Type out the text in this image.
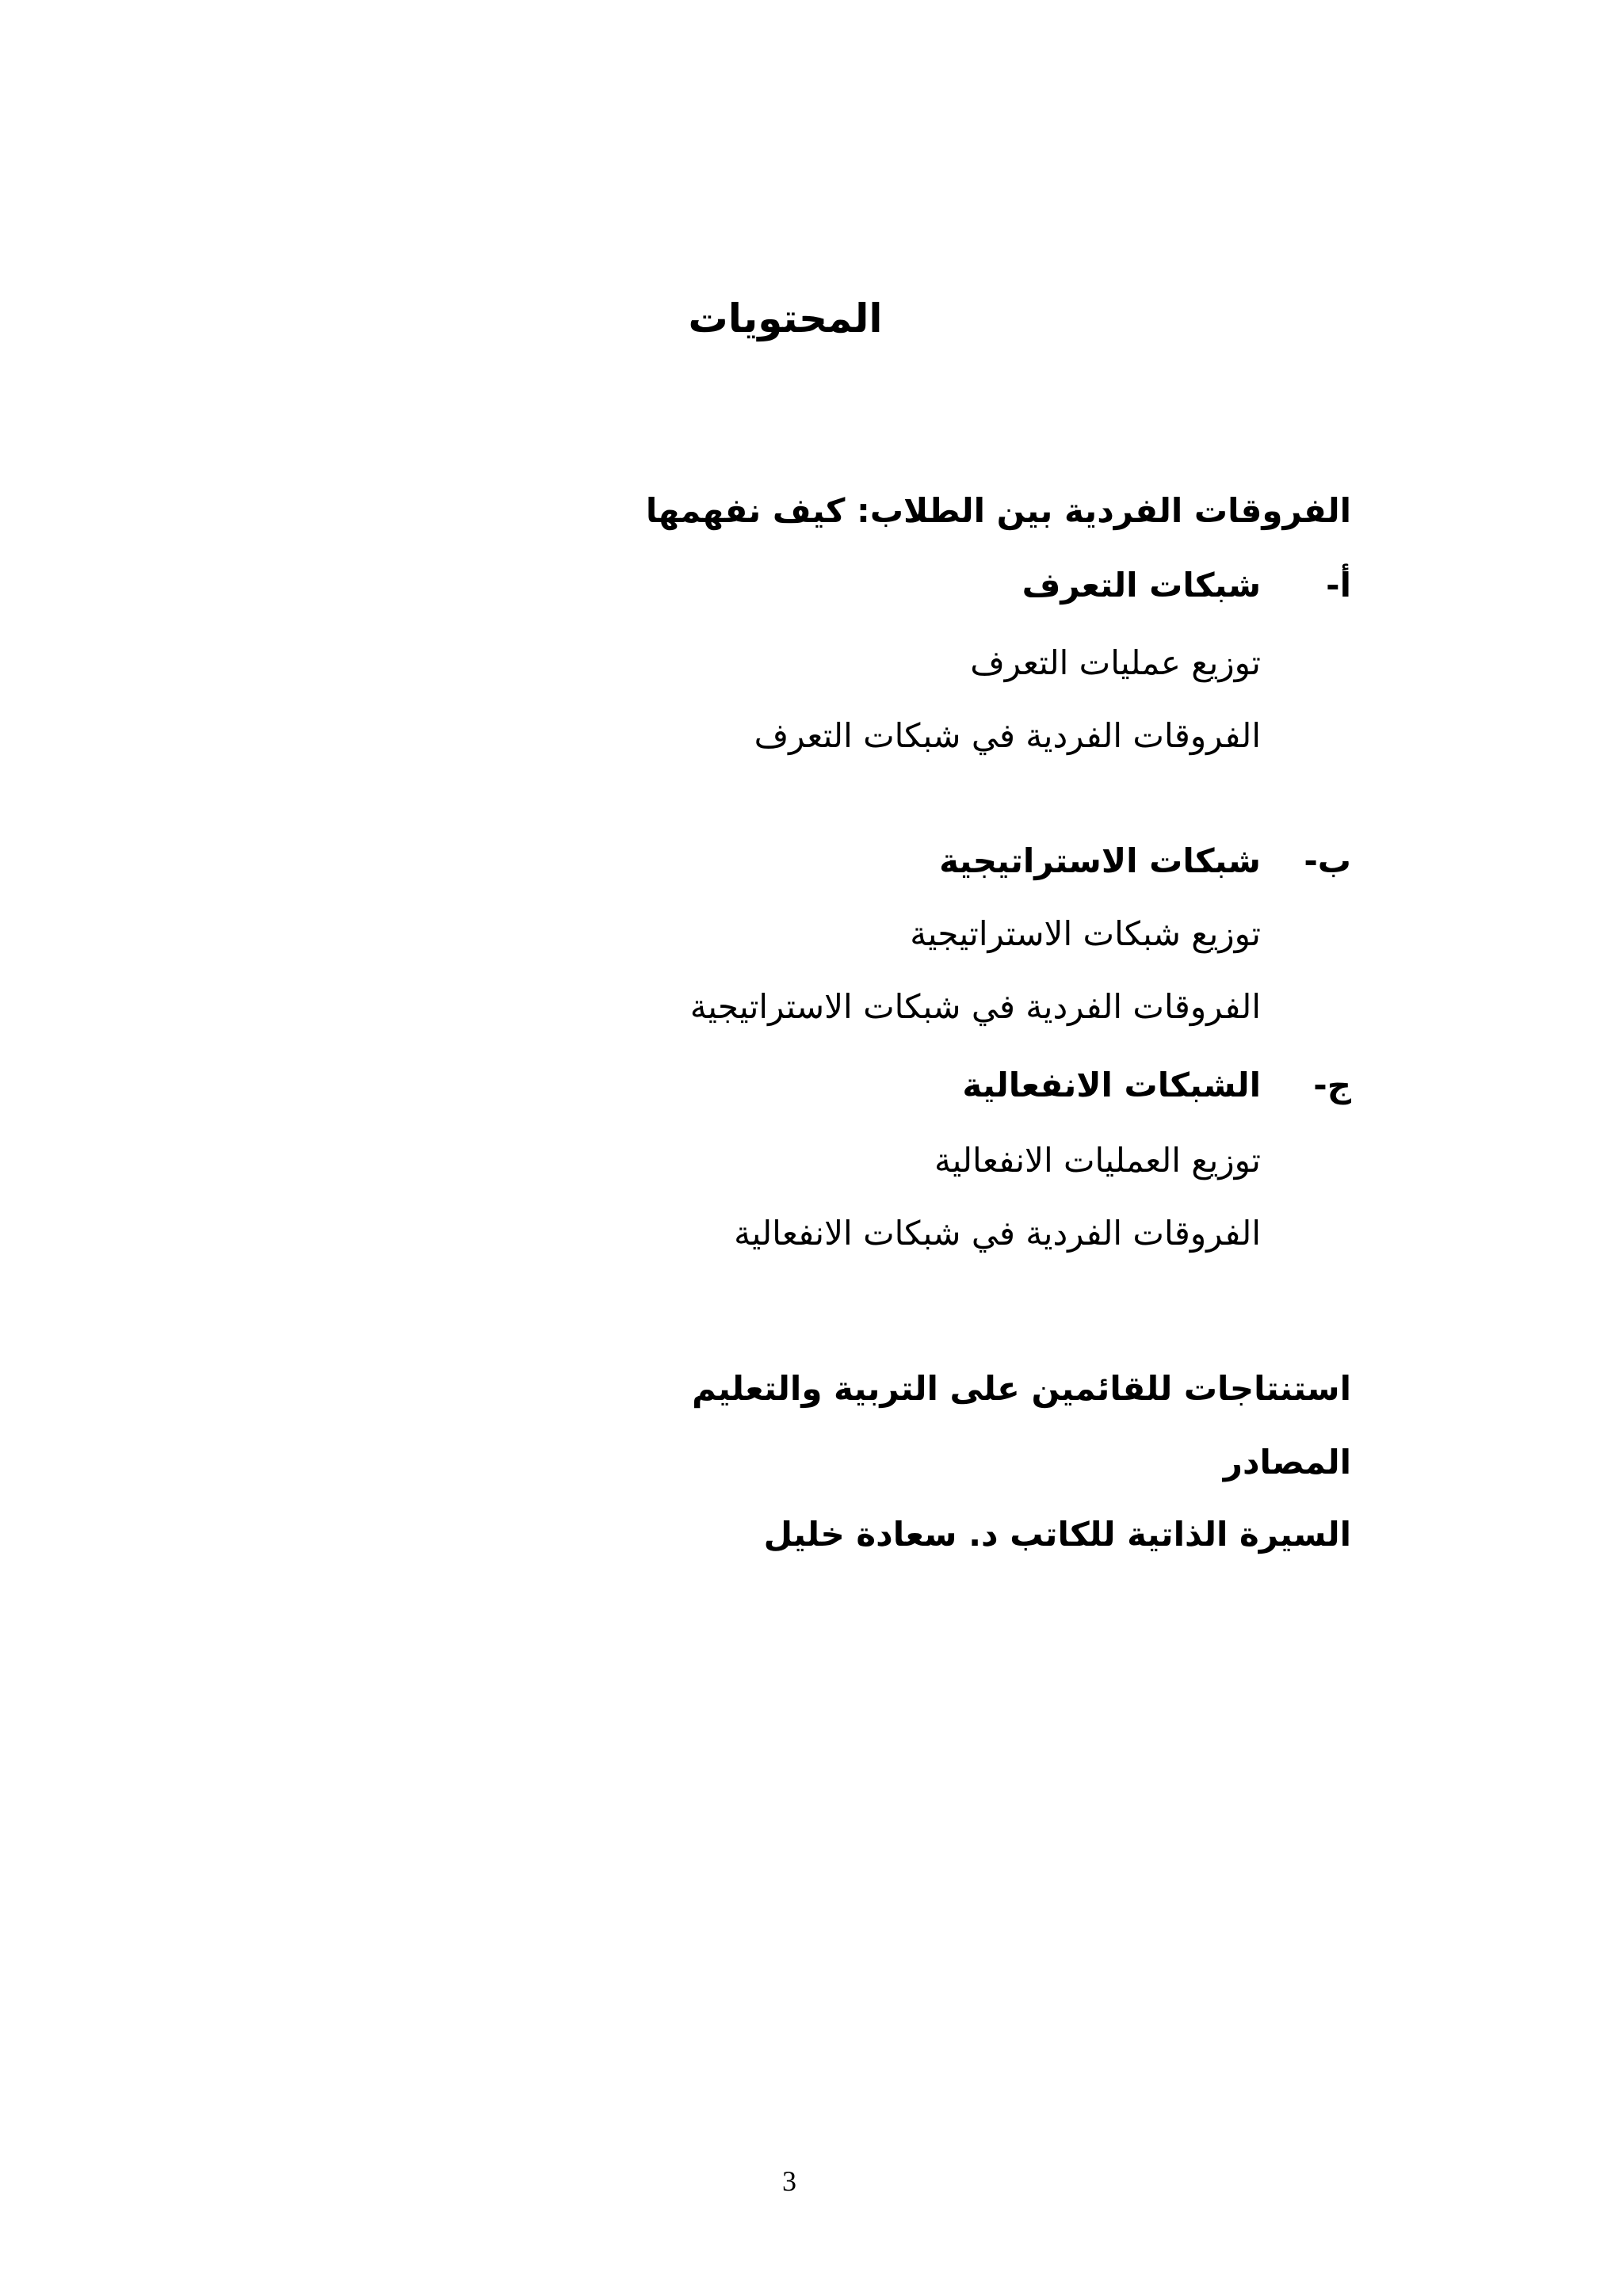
المحتويات
الفروقات الفردية بين الطلاب: كيف نفهمها
أ-
شبكات التعرف
توزيع عمليات التعرف
الفروقات الفردية في شبكات التعرف
ب-
شبكات الاستراتيجية
توزيع شبكات الاستراتيجية
الفروقات الفردية في شبكات الاستراتيجية
ج-
الشبكات الانفعالية
توزيع العمليات الانفعالية
الفروقات الفردية في شبكات الانفعالية
استنتاجات للقائمين على التربية والتعليم
المصادر
السيرة الذاتية للكاتب د. سعادة خليل
3
